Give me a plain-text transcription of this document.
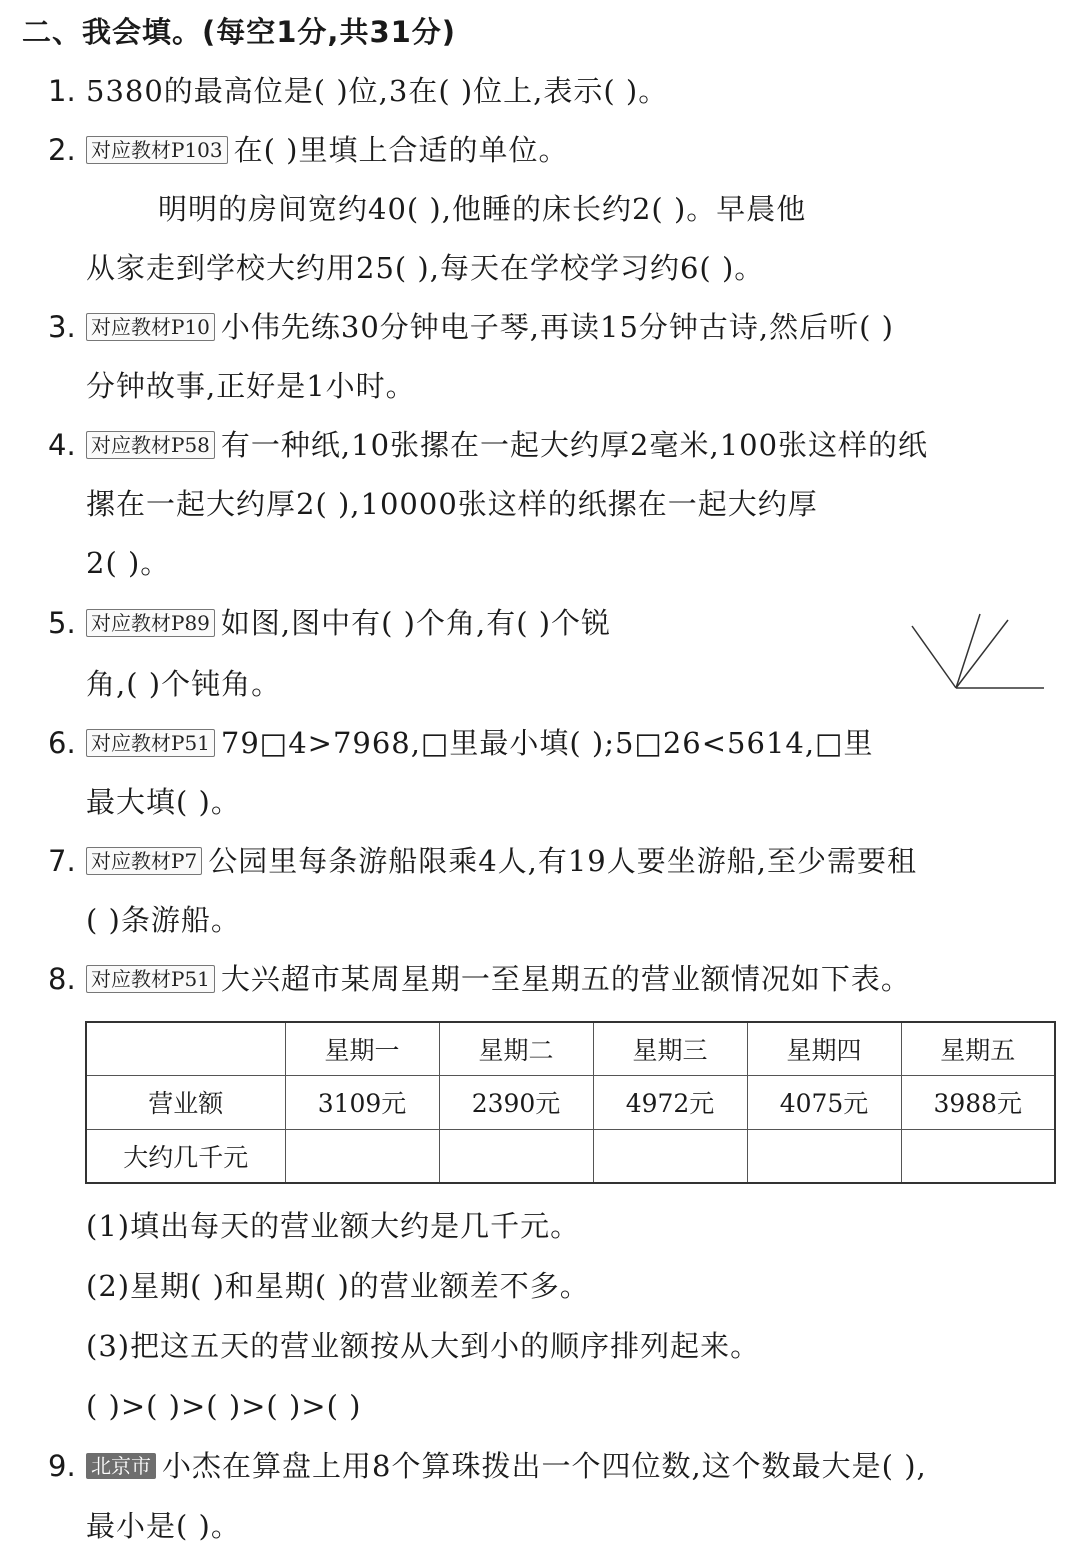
二、我会填。(每空1分,共31分)
1. 5380的最高位是( )位,3在( )位上,表示( )。
2. 对应教材P103 在( )里填上合适的单位。
明明的房间宽约40( ),他睡的床长约2( )。早晨他
从家走到学校大约用25( ),每天在学校学习约6( )。
3. 对应教材P10 小伟先练30分钟电子琴,再读15分钟古诗,然后听( )
分钟故事,正好是1小时。
4. 对应教材P58 有一种纸,10张摞在一起大约厚2毫米,100张这样的纸
摞在一起大约厚2( ),10000张这样的纸摞在一起大约厚
2( )。
5. 对应教材P89 如图,图中有( )个角,有( )个锐
角,( )个钝角。
6. 对应教材P51 79□4>7968,□里最小填( );5□26<5614,□里
最大填( )。
7. 对应教材P7 公园里每条游船限乘4人,有19人要坐游船,至少需要租
( )条游船。
8. 对应教材P51 大兴超市某周星期一至星期五的营业额情况如下表。
	星期一	星期二	星期三	星期四	星期五
营业额	3109元	2390元	4972元	4075元	3988元
大约几千元					
(1)填出每天的营业额大约是几千元。
(2)星期( )和星期( )的营业额差不多。
(3)把这五天的营业额按从大到小的顺序排列起来。
( )>( )>( )>( )>( )
9. 北京市 小杰在算盘上用8个算珠拨出一个四位数,这个数最大是( ),
最小是( )。
